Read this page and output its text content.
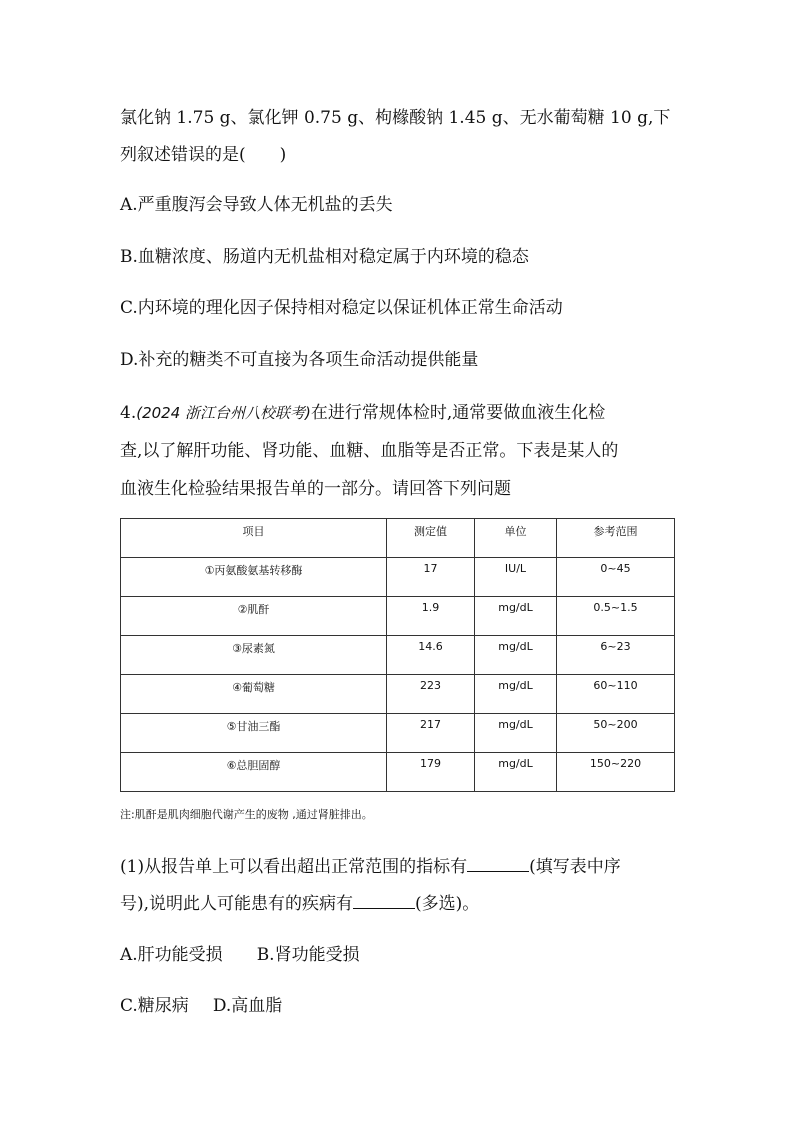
氯化钠 1.75 g、氯化钾 0.75 g、枸橼酸钠 1.45 g、无水葡萄糖 10 g,下
列叙述错误的是(　　)
A.严重腹泻会导致人体无机盐的丢失
B.血糖浓度、肠道内无机盐相对稳定属于内环境的稳态
C.内环境的理化因子保持相对稳定以保证机体正常生命活动
D.补充的糖类不可直接为各项生命活动提供能量
4.(2024 浙江台州八校联考)在进行常规体检时,通常要做血液生化检
查,以了解肝功能、肾功能、血糖、血脂等是否正常。下表是某人的
血液生化检验结果报告单的一部分。请回答下列问题
项目	测定值	单位	参考范围

①丙氨酸氨基转移酶	17	IU/L	0~45

②肌酐	1.9	mg/dL	0.5~1.5

③尿素氮	14.6	mg/dL	6~23

④葡萄糖	223	mg/dL	60~110

⑤甘油三酯	217	mg/dL	50~200

⑥总胆固醇	179	mg/dL	150~220
注:肌酐是肌肉细胞代谢产生的废物 ,通过肾脏排出。
(1)从报告单上可以看出超出正常范围的指标有	(填写表中序
号),说明此人可能患有的疾病有	(多选)。
A.肝功能受损 B.肾功能受损
C.糖尿病 D.高血脂
